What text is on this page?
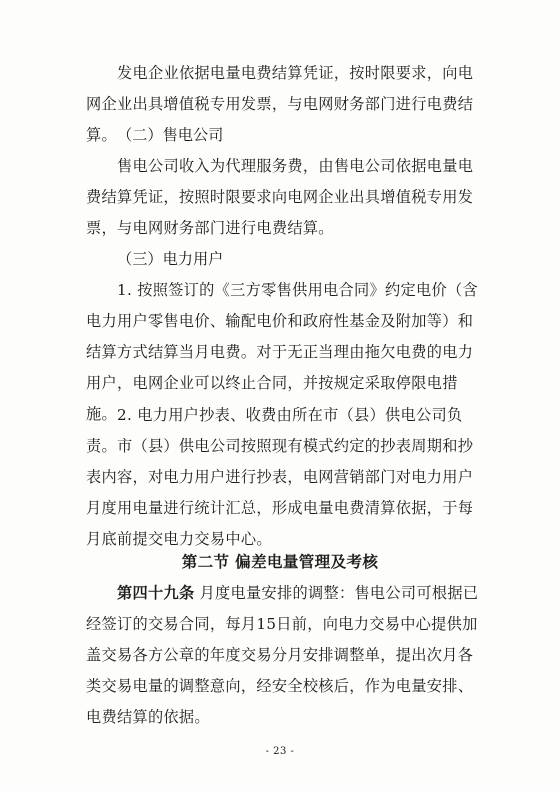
发电企业依据电量电费结算凭证，按时限要求，向电网企业出具增值税专用发票，与电网财务部门进行电费结算。 （二）售电公司

售电公司收入为代理服务费，由售电公司依据电量电费结算凭证，按照时限要求向电网企业出具增值税专用发票，与电网财务部门进行电费结算。

（三）电力用户

1. 按照签订的《三方零售供用电合同》约定电价（含电力用户零售电价、输配电价和政府性基金及附加等）和结算方式结算当月电费。对于无正当理由拖欠电费的电力用户，电网企业可以终止合同，并按规定采取停限电措施。 2. 电力用户抄表、收费由所在市（县）供电公司负责。市（县）供电公司按照现有模式约定的抄表周期和抄表内容，对电力用户进行抄表，电网营销部门对电力用户月度用电量进行统计汇总，形成电量电费清算依据，于每月底前提交电力交易中心。

第二节 偏差电量管理及考核

第四十九条 月度电量安排的调整：售电公司可根据已经签订的交易合同，每月15日前，向电力交易中心提供加盖交易各方公章的年度交易分月安排调整单，提出次月各类交易电量的调整意向，经安全校核后，作为电量安排、电费结算的依据。

- 23 -
